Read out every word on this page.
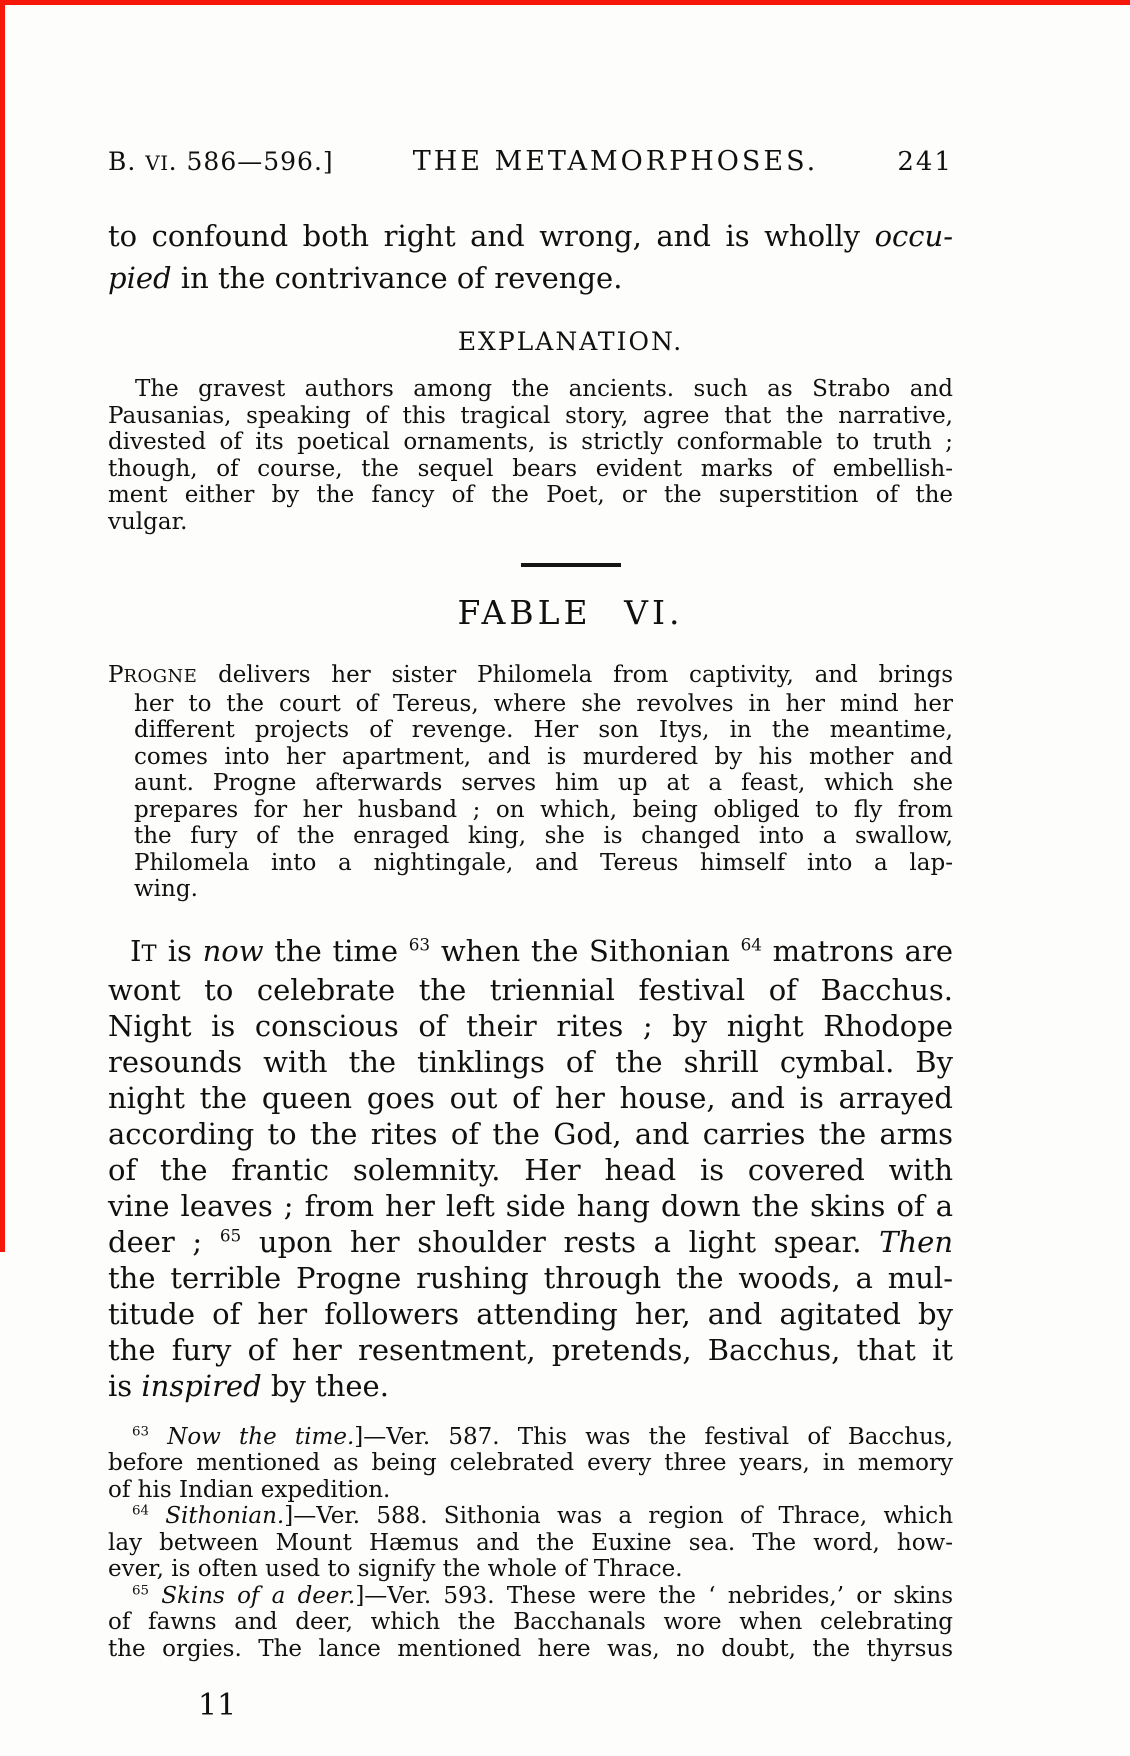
B. VI. 586—596.]	THE METAMORPHOSES.	241
to confound both right and wrong, and is wholly occu-
pied in the contrivance of revenge.
EXPLANATION.
The gravest authors among the ancients. such as Strabo and
Pausanias, speaking of this tragical story, agree that the narrative,
divested of its poetical ornaments, is strictly conformable to truth ;
though, of course, the sequel bears evident marks of embellish-
ment either by the fancy of the Poet, or the superstition of the
vulgar.
FABLE VI.
PROGNE delivers her sister Philomela from captivity, and brings
her to the court of Tereus, where she revolves in her mind her
different projects of revenge. Her son Itys, in the meantime,
comes into her apartment, and is murdered by his mother and
aunt. Progne afterwards serves him up at a feast, which she
prepares for her husband ; on which, being obliged to fly from
the fury of the enraged king, she is changed into a swallow,
Philomela into a nightingale, and Tereus himself into a lap-
wing.
IT is now the time $^{63}$ when the Sithonian $^{64}$ matrons are
wont to celebrate the triennial festival of Bacchus.
Night is conscious of their rites ; by night Rhodope
resounds with the tinklings of the shrill cymbal. By
night the queen goes out of her house, and is arrayed
according to the rites of the God, and carries the arms
of the frantic solemnity. Her head is covered with
vine leaves ; from her left side hang down the skins of a
deer ; $^{65}$ upon her shoulder rests a light spear. Then
the terrible Progne rushing through the woods, a mul-
titude of her followers attending her, and agitated by
the fury of her resentment, pretends, Bacchus, that it
is inspired by thee.
$^{63}$ Now the time.]—Ver. 587. This was the festival of Bacchus,
before mentioned as being celebrated every three years, in memory
of his Indian expedition.
$^{64}$ Sithonian.]—Ver. 588. Sithonia was a region of Thrace, which
lay between Mount Hæmus and the Euxine sea. The word, how-
ever, is often used to signify the whole of Thrace.
$^{65}$ Skins of a deer.]—Ver. 593. These were the ‘ nebrides,’ or skins
of fawns and deer, which the Bacchanals wore when celebrating
the orgies. The lance mentioned here was, no doubt, the thyrsus
11
